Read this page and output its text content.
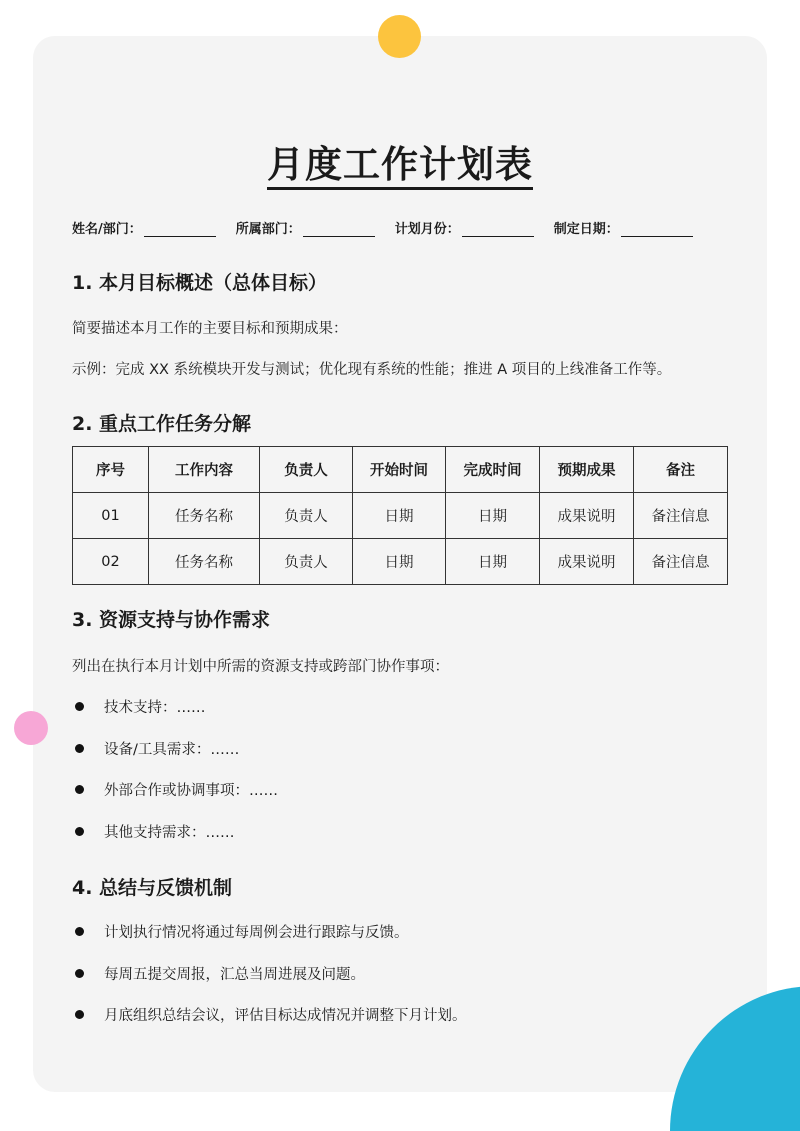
月度工作计划表
姓名/部门：	所属部门：	计划月份：	制定日期：
1. 本月目标概述（总体目标）
简要描述本月工作的主要目标和预期成果：
示例：完成 XX 系统模块开发与测试；优化现有系统的性能；推进 A 项目的上线准备工作等。
2. 重点工作任务分解
序号	工作内容	负责人	开始时间	完成时间	预期成果	备注
01	任务名称	负责人	日期	日期	成果说明	备注信息
02	任务名称	负责人	日期	日期	成果说明	备注信息
3. 资源支持与协作需求
列出在执行本月计划中所需的资源支持或跨部门协作事项：
技术支持：……
设备/工具需求：……
外部合作或协调事项：……
其他支持需求：……
4. 总结与反馈机制
计划执行情况将通过每周例会进行跟踪与反馈。
每周五提交周报，汇总当周进展及问题。
月底组织总结会议，评估目标达成情况并调整下月计划。
